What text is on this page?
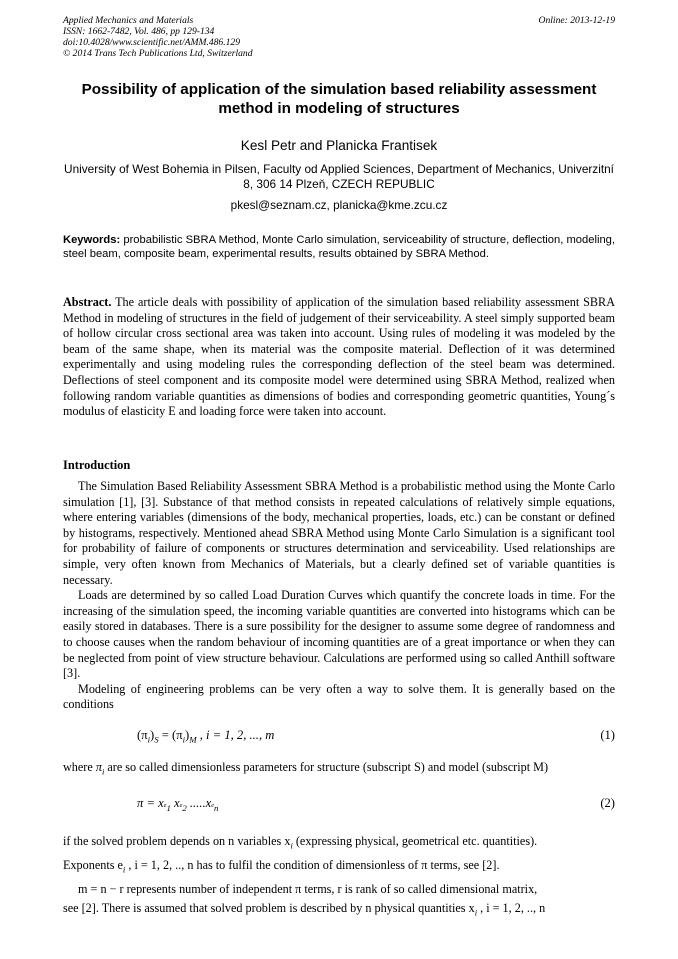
Applied Mechanics and Materials
ISSN: 1662-7482, Vol. 486, pp 129-134
doi:10.4028/www.scientific.net/AMM.486.129
© 2014 Trans Tech Publications Ltd, Switzerland
Online: 2013-12-19
Possibility of application of the simulation based reliability assessment method in modeling of structures
Kesl Petr and Planicka Frantisek
University of West Bohemia in Pilsen, Faculty od Applied Sciences, Department of Mechanics, Univerzitní 8, 306 14 Plzeň, CZECH REPUBLIC
pkesl@seznam.cz, planicka@kme.zcu.cz
Keywords: probabilistic SBRA Method, Monte Carlo simulation, serviceability of structure, deflection, modeling, steel beam, composite beam, experimental results, results obtained by SBRA Method.
Abstract. The article deals with possibility of application of the simulation based reliability assessment SBRA Method in modeling of structures in the field of judgement of their serviceability. A steel simply supported beam of hollow circular cross sectional area was taken into account. Using rules of modeling it was modeled by the beam of the same shape, when its material was the composite material. Deflection of it was determined experimentally and using modeling rules the corresponding deflection of the steel beam was determined. Deflections of steel component and its composite model were determined using SBRA Method, realized when following random variable quantities as dimensions of bodies and corresponding geometric quantities, Young´s modulus of elasticity E and loading force were taken into account.
Introduction

The Simulation Based Reliability Assessment SBRA Method is a probabilistic method using the Monte Carlo simulation [1], [3]. Substance of that method consists in repeated calculations of relatively simple equations, where entering variables (dimensions of the body, mechanical properties, loads, etc.) can be constant or defined by histograms, respectively. Mentioned ahead SBRA Method using Monte Carlo Simulation is a significant tool for probability of failure of components or structures determination and serviceability. Used relationships are simple, very often known from Mechanics of Materials, but a clearly defined set of variable quantities is necessary.

Loads are determined by so called Load Duration Curves which quantify the concrete loads in time. For the increasing of the simulation speed, the incoming variable quantities are converted into histograms which can be easily stored in databases. There is a sure possibility for the designer to assume some degree of randomness and to choose causes when the random behaviour of incoming quantities are of a great importance or when they can be neglected from point of view structure behaviour. Calculations are performed using so called Anthill software [3].

Modeling of engineering problems can be very often a way to solve them. It is generally based on the conditions

$(\pi_i)_S = (\pi_i)_M$ , i = 1, 2, ..., m	(1)
where $\pi_i$ are so called dimensionless parameters for structure (subscript S) and model (subscript M)
$\pi = x_{^e1}$ $x_{^e2}$ $.....x_{^en}$	(2)
if the solved problem depends on n variables $x_i$ (expressing physical, geometrical etc. quantities).
Exponents $e_i$ , i = 1, 2, .., n has to fulfil the condition of dimensionless of π terms, see [2].
m = n − r represents number of independent π terms, r is rank of so called dimensional matrix,
see [2]. There is assumed that solved problem is described by n physical quantities $x_i$ , i = 1, 2, .., n
